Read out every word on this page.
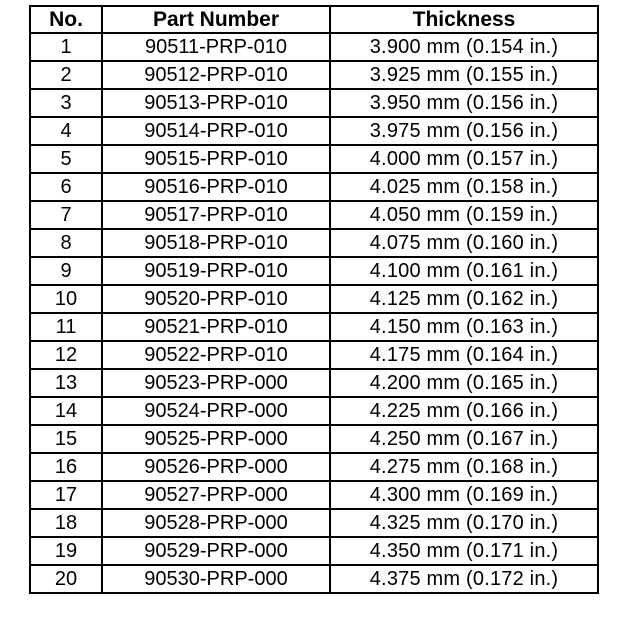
No.	Part Number	Thickness
1	90511-PRP-010	3.900 mm (0.154 in.)
2	90512-PRP-010	3.925 mm (0.155 in.)
3	90513-PRP-010	3.950 mm (0.156 in.)
4	90514-PRP-010	3.975 mm (0.156 in.)
5	90515-PRP-010	4.000 mm (0.157 in.)
6	90516-PRP-010	4.025 mm (0.158 in.)
7	90517-PRP-010	4.050 mm (0.159 in.)
8	90518-PRP-010	4.075 mm (0.160 in.)
9	90519-PRP-010	4.100 mm (0.161 in.)
10	90520-PRP-010	4.125 mm (0.162 in.)
11	90521-PRP-010	4.150 mm (0.163 in.)
12	90522-PRP-010	4.175 mm (0.164 in.)
13	90523-PRP-000	4.200 mm (0.165 in.)
14	90524-PRP-000	4.225 mm (0.166 in.)
15	90525-PRP-000	4.250 mm (0.167 in.)
16	90526-PRP-000	4.275 mm (0.168 in.)
17	90527-PRP-000	4.300 mm (0.169 in.)
18	90528-PRP-000	4.325 mm (0.170 in.)
19	90529-PRP-000	4.350 mm (0.171 in.)
20	90530-PRP-000	4.375 mm (0.172 in.)
